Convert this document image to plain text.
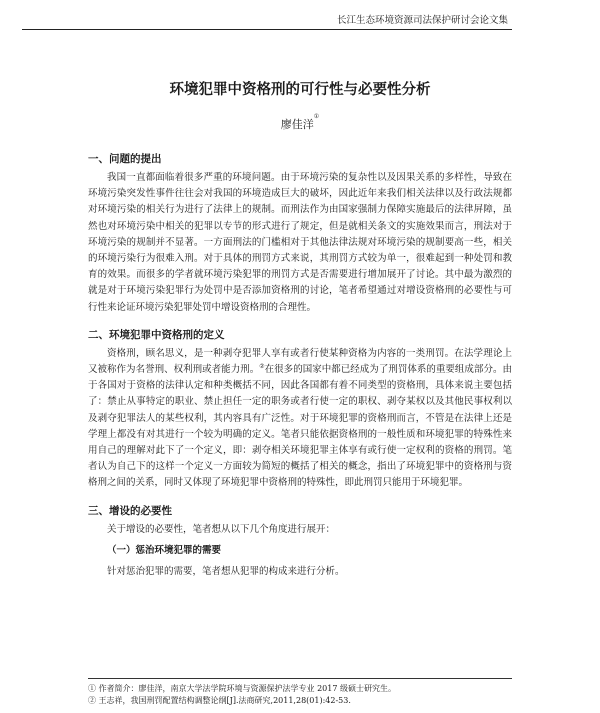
长江生态环境资源司法保护研讨会论文集
环境犯罪中资格刑的可行性与必要性分析
廖佳洋①
一、问题的提出

我国一直都面临着很多严重的环境问题。由于环境污染的复杂性以及因果关系的多样性，导致在环境污染突发性事件往往会对我国的环境造成巨大的破坏，因此近年来我们相关法律以及行政法规都对环境污染的相关行为进行了法律上的规制。而刑法作为由国家强制力保障实施最后的法律屏障，虽然也对环境污染中相关的犯罪以专节的形式进行了规定，但是就相关条文的实施效果而言，刑法对于环境污染的规制并不显著。一方面刑法的门槛相对于其他法律法规对环境污染的规制要高一些，相关的环境污染行为很难入刑。对于具体的刑罚方式来说，其刑罚方式较为单一，很难起到一种处罚和教育的效果。而很多的学者就环境污染犯罪的刑罚方式是否需要进行增加展开了讨论。其中最为激烈的就是对于环境污染犯罪行为处罚中是否添加资格刑的讨论，笔者希望通过对增设资格刑的必要性与可行性来论证环境污染犯罪处罚中增设资格刑的合理性。

二、环境犯罪中资格刑的定义

资格刑，顾名思义，是一种剥夺犯罪人享有或者行使某种资格为内容的一类刑罚。在法学理论上又被称作为名誉刑、权利刑或者能力刑。②在很多的国家中都已经成为了刑罚体系的重要组成部分。由于各国对于资格的法律认定和种类概括不同，因此各国都有着不同类型的资格刑，具体来说主要包括了：禁止从事特定的职业、禁止担任一定的职务或者行使一定的职权、剥夺某权以及其他民事权利以及剥夺犯罪法人的某些权利，其内容具有广泛性。对于环境犯罪的资格刑而言，不管是在法律上还是学理上都没有对其进行一个较为明确的定义。笔者只能依据资格刑的一般性质和环境犯罪的特殊性来用自己的理解对此下了一个定义，即：剥夺相关环境犯罪主体享有或行使一定权利的资格的刑罚。笔者认为自己下的这样一个定义一方面较为简短的概括了相关的概念，指出了环境犯罪中的资格刑与资格刑之间的关系，同时又体现了环境犯罪中资格刑的特殊性，即此刑罚只能用于环境犯罪。

三、增设的必要性

关于增设的必要性，笔者想从以下几个角度进行展开：

（一）惩治环境犯罪的需要

针对惩治犯罪的需要，笔者想从犯罪的构成来进行分析。

① 作者简介：廖佳洋，南京大学法学院环境与资源保护法学专业 2017 级硕士研究生。
② 王志祥，我国刑罚配置结构调整论纲[J].法商研究,2011,28(01):42-53.
